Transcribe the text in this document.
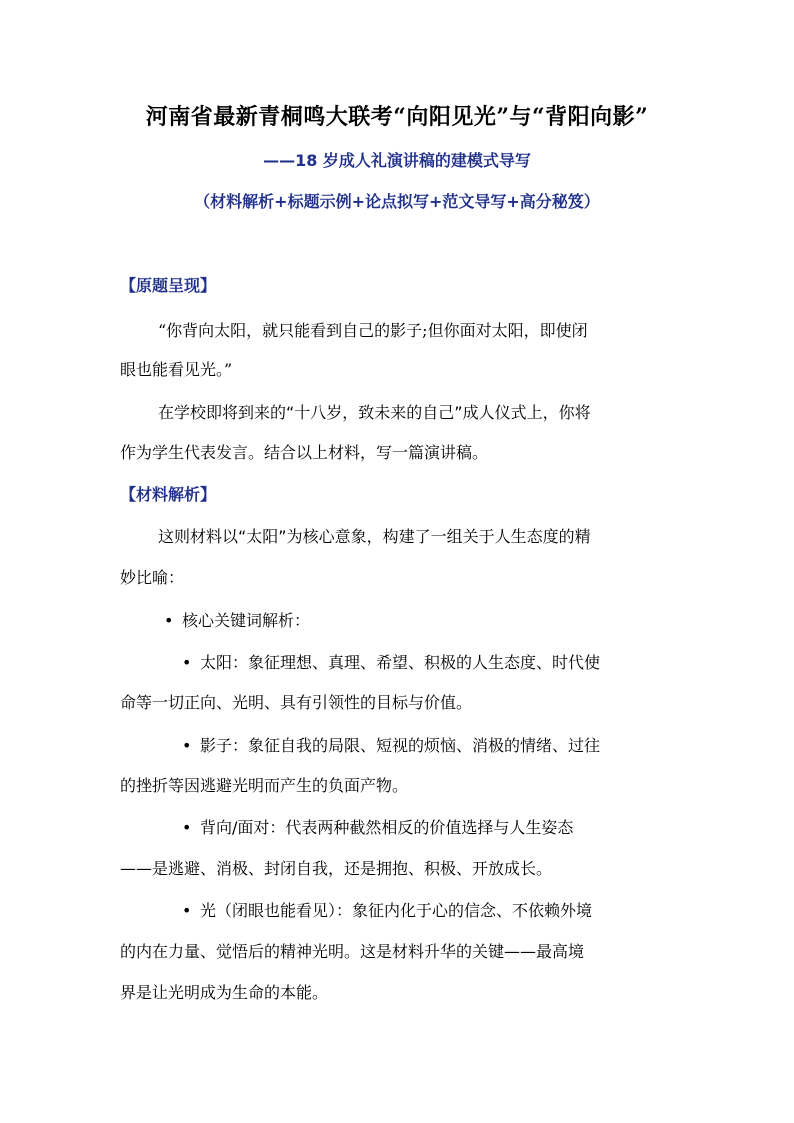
河南省最新青桐鸣大联考“向阳见光”与“背阳向影”
——18 岁成人礼演讲稿的建模式导写
（材料解析+标题示例+论点拟写+范文导写+高分秘笈）
【原题呈现】
“你背向太阳，就只能看到自己的影子;但你面对太阳，即使闭
眼也能看见光。”
在学校即将到来的“十八岁，致未来的自己”成人仪式上，你将
作为学生代表发言。结合以上材料，写一篇演讲稿。
【材料解析】
这则材料以“太阳”为核心意象，构建了一组关于人生态度的精
妙比喻：
• 核心关键词解析：
• 太阳：象征理想、真理、希望、积极的人生态度、时代使
命等一切正向、光明、具有引领性的目标与价值。
• 影子：象征自我的局限、短视的烦恼、消极的情绪、过往
的挫折等因逃避光明而产生的负面产物。
• 背向/面对：代表两种截然相反的价值选择与人生姿态
——是逃避、消极、封闭自我，还是拥抱、积极、开放成长。
• 光（闭眼也能看见）：象征内化于心的信念、不依赖外境
的内在力量、觉悟后的精神光明。这是材料升华的关键——最高境
界是让光明成为生命的本能。
